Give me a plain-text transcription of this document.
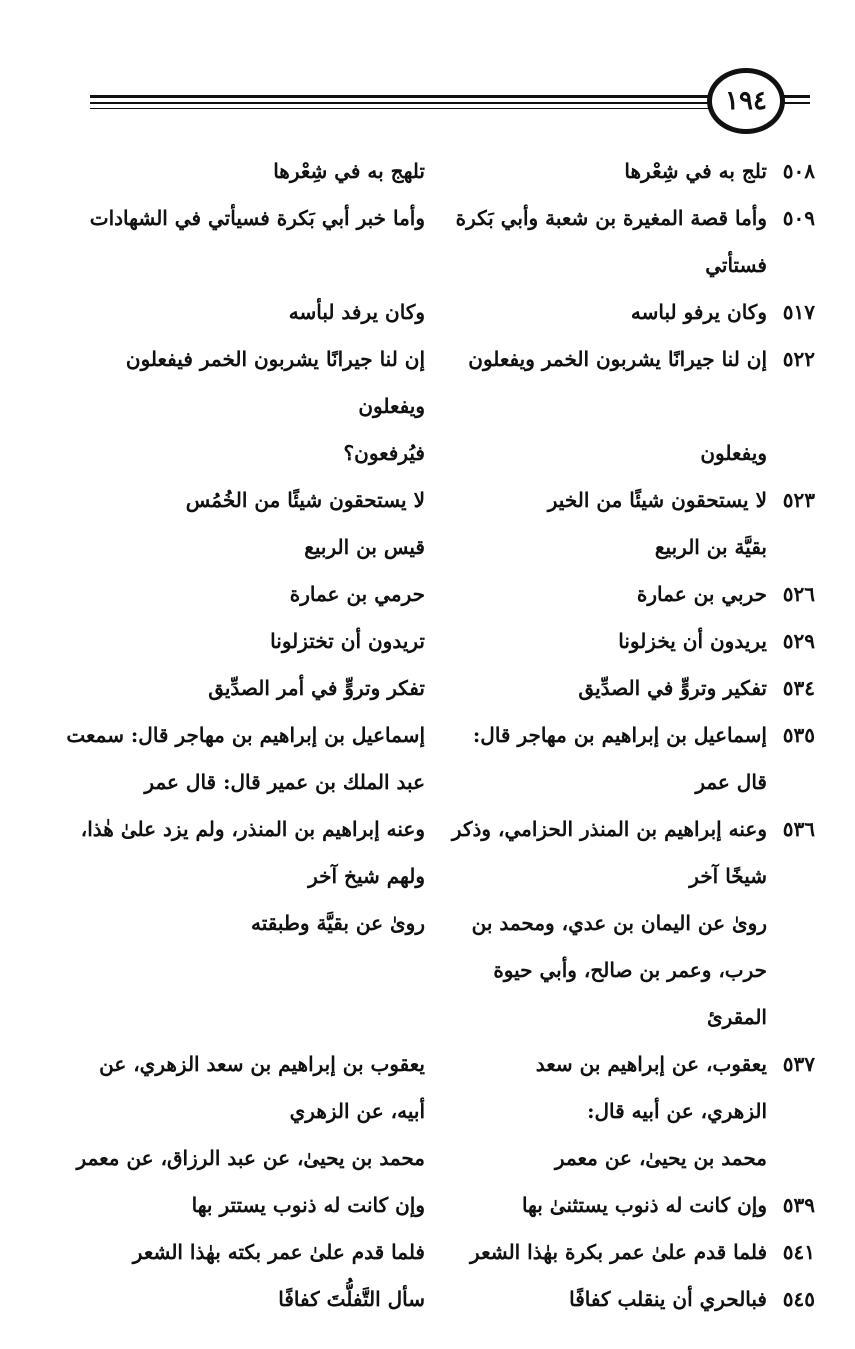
١٩٤
٥٠٨
تلج به في شِعْرها
تلهج به في شِعْرها
٥٠٩
وأما قصة المغيرة بن شعبة وأبي بَكرة
وأما خبر أبي بَكرة فسيأتي في الشهادات
فستأتي
٥١٧
وكان يرفو لباسه
وكان يرفد لبأسه
٥٢٢
إن لنا جيرانًا يشربون الخمر ويفعلون
إن لنا جيرانًا يشربون الخمر فيفعلون ويفعلون
ويفعلون
فيُرفعون؟
٥٢٣
لا يستحقون شيئًا من الخير
لا يستحقون شيئًا من الخُمُس
بقيَّة بن الربيع
قيس بن الربيع
٥٢٦
حربي بن عمارة
حرمي بن عمارة
٥٢٩
يريدون أن يخزلونا
تريدون أن تختزلونا
٥٣٤
تفكير وتروٍّ في الصدِّيق
تفكر وتروٍّ في أمر الصدِّيق
٥٣٥
إسماعيل بن إبراهيم بن مهاجر قال:
إسماعيل بن إبراهيم بن مهاجر قال: سمعت
قال عمر
عبد الملك بن عمير قال: قال عمر
٥٣٦
وعنه إبراهيم بن المنذر الحزامي، وذكر
وعنه إبراهيم بن المنذر، ولم يزد علىٰ هٰذا،
شيخًا آخر
ولهم شيخ آخر
روىٰ عن اليمان بن عدي، ومحمد بن
روىٰ عن بقيَّة وطبقته
حرب، وعمر بن صالح، وأبي حيوة المقرئ
٥٣٧
يعقوب، عن إبراهيم بن سعد
يعقوب بن إبراهيم بن سعد الزهري، عن
الزهري، عن أبيه قال:
أبيه، عن الزهري
محمد بن يحيىٰ، عن معمر
محمد بن يحيىٰ، عن عبد الرزاق، عن معمر
٥٣٩
وإن كانت له ذنوب يستثنىٰ بها
وإن كانت له ذنوب يستتر بها
٥٤١
فلما قدم علىٰ عمر بكرة بهٰذا الشعر
فلما قدم علىٰ عمر بكته بهٰذا الشعر
٥٤٥
فبالحري أن ينقلب كفافًا
سأل التَّفلُّتَ كفافًا
